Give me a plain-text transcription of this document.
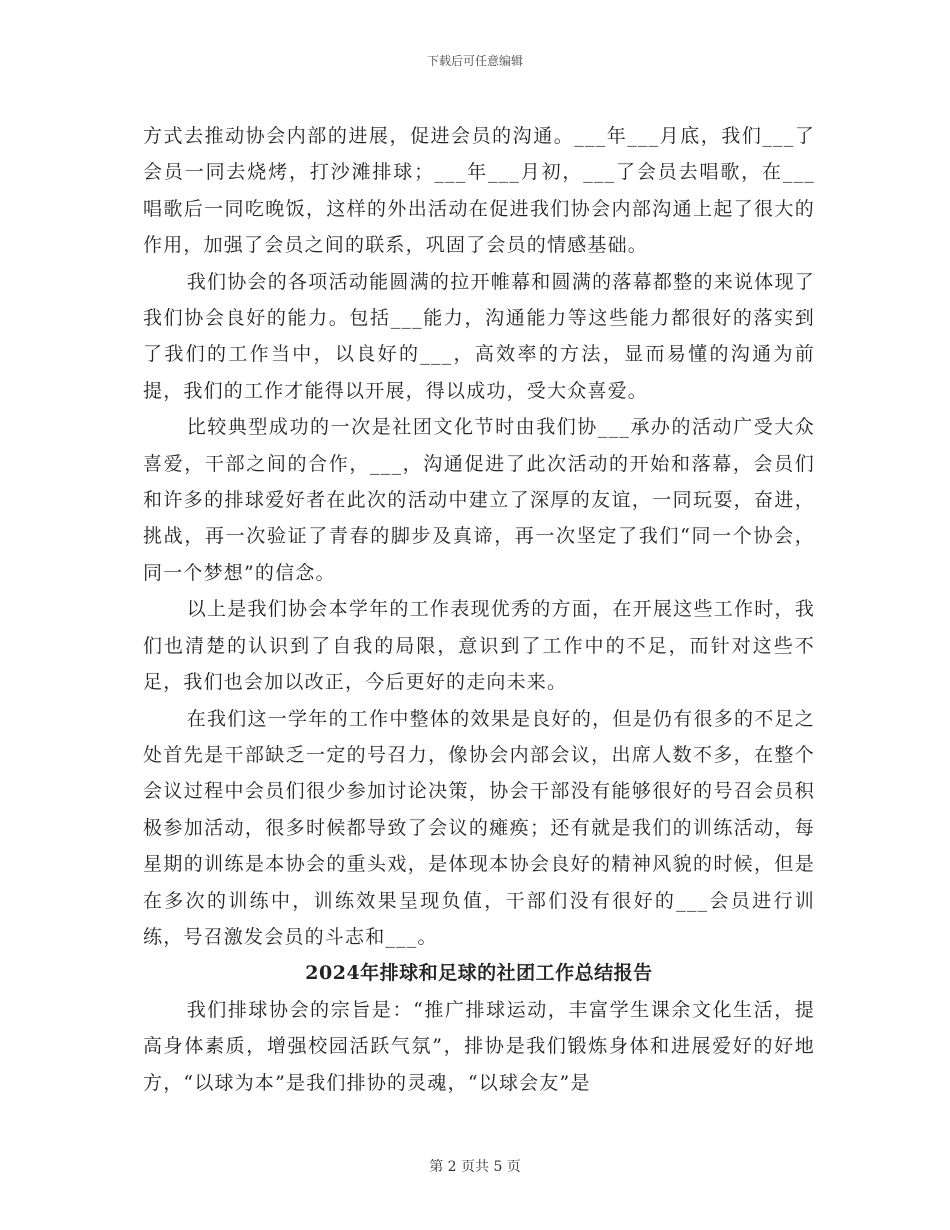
下载后可任意编辑

方式去推动协会内部的进展，促进会员的沟通。___年___月底，我们___了会员一同去烧烤，打沙滩排球；___年___月初，___了会员去唱歌，在___唱歌后一同吃晚饭，这样的外出活动在促进我们协会内部沟通上起了很大的作用，加强了会员之间的联系，巩固了会员的情感基础。

我们协会的各项活动能圆满的拉开帷幕和圆满的落幕都整的来说体现了我们协会良好的能力。包括___能力，沟通能力等这些能力都很好的落实到了我们的工作当中，以良好的___，高效率的方法，显而易懂的沟通为前提，我们的工作才能得以开展，得以成功，受大众喜爱。

比较典型成功的一次是社团文化节时由我们协___承办的活动广受大众喜爱，干部之间的合作，___，沟通促进了此次活动的开始和落幕，会员们和许多的排球爱好者在此次的活动中建立了深厚的友谊，一同玩耍，奋进，挑战，再一次验证了青春的脚步及真谛，再一次坚定了我们“同一个协会，同一个梦想”的信念。

以上是我们协会本学年的工作表现优秀的方面，在开展这些工作时，我们也清楚的认识到了自我的局限，意识到了工作中的不足，而针对这些不足，我们也会加以改正，今后更好的走向未来。

在我们这一学年的工作中整体的效果是良好的，但是仍有很多的不足之处首先是干部缺乏一定的号召力，像协会内部会议，出席人数不多，在整个会议过程中会员们很少参加讨论决策，协会干部没有能够很好的号召会员积极参加活动，很多时候都导致了会议的瘫痪；还有就是我们的训练活动，每星期的训练是本协会的重头戏，是体现本协会良好的精神风貌的时候，但是在多次的训练中，训练效果呈现负值，干部们没有很好的___会员进行训练，号召激发会员的斗志和___。

2024年排球和足球的社团工作总结报告

我们排球协会的宗旨是：“推广排球运动，丰富学生课余文化生活，提高身体素质，增强校园活跃气氛”，排协是我们锻炼身体和进展爱好的好地方，“以球为本”是我们排协的灵魂，“以球会友”是

第 2 页共 5 页
